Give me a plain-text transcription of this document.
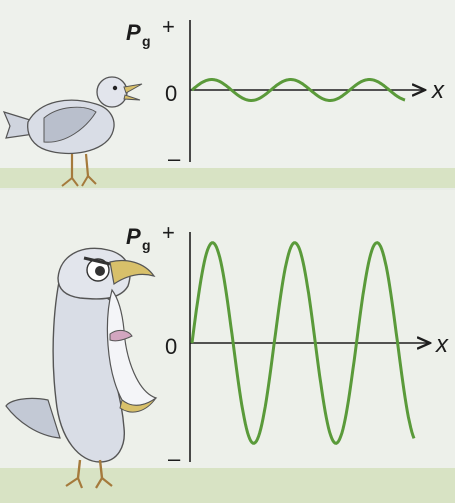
P g
+
0
–
x
P g +
0
–
x
